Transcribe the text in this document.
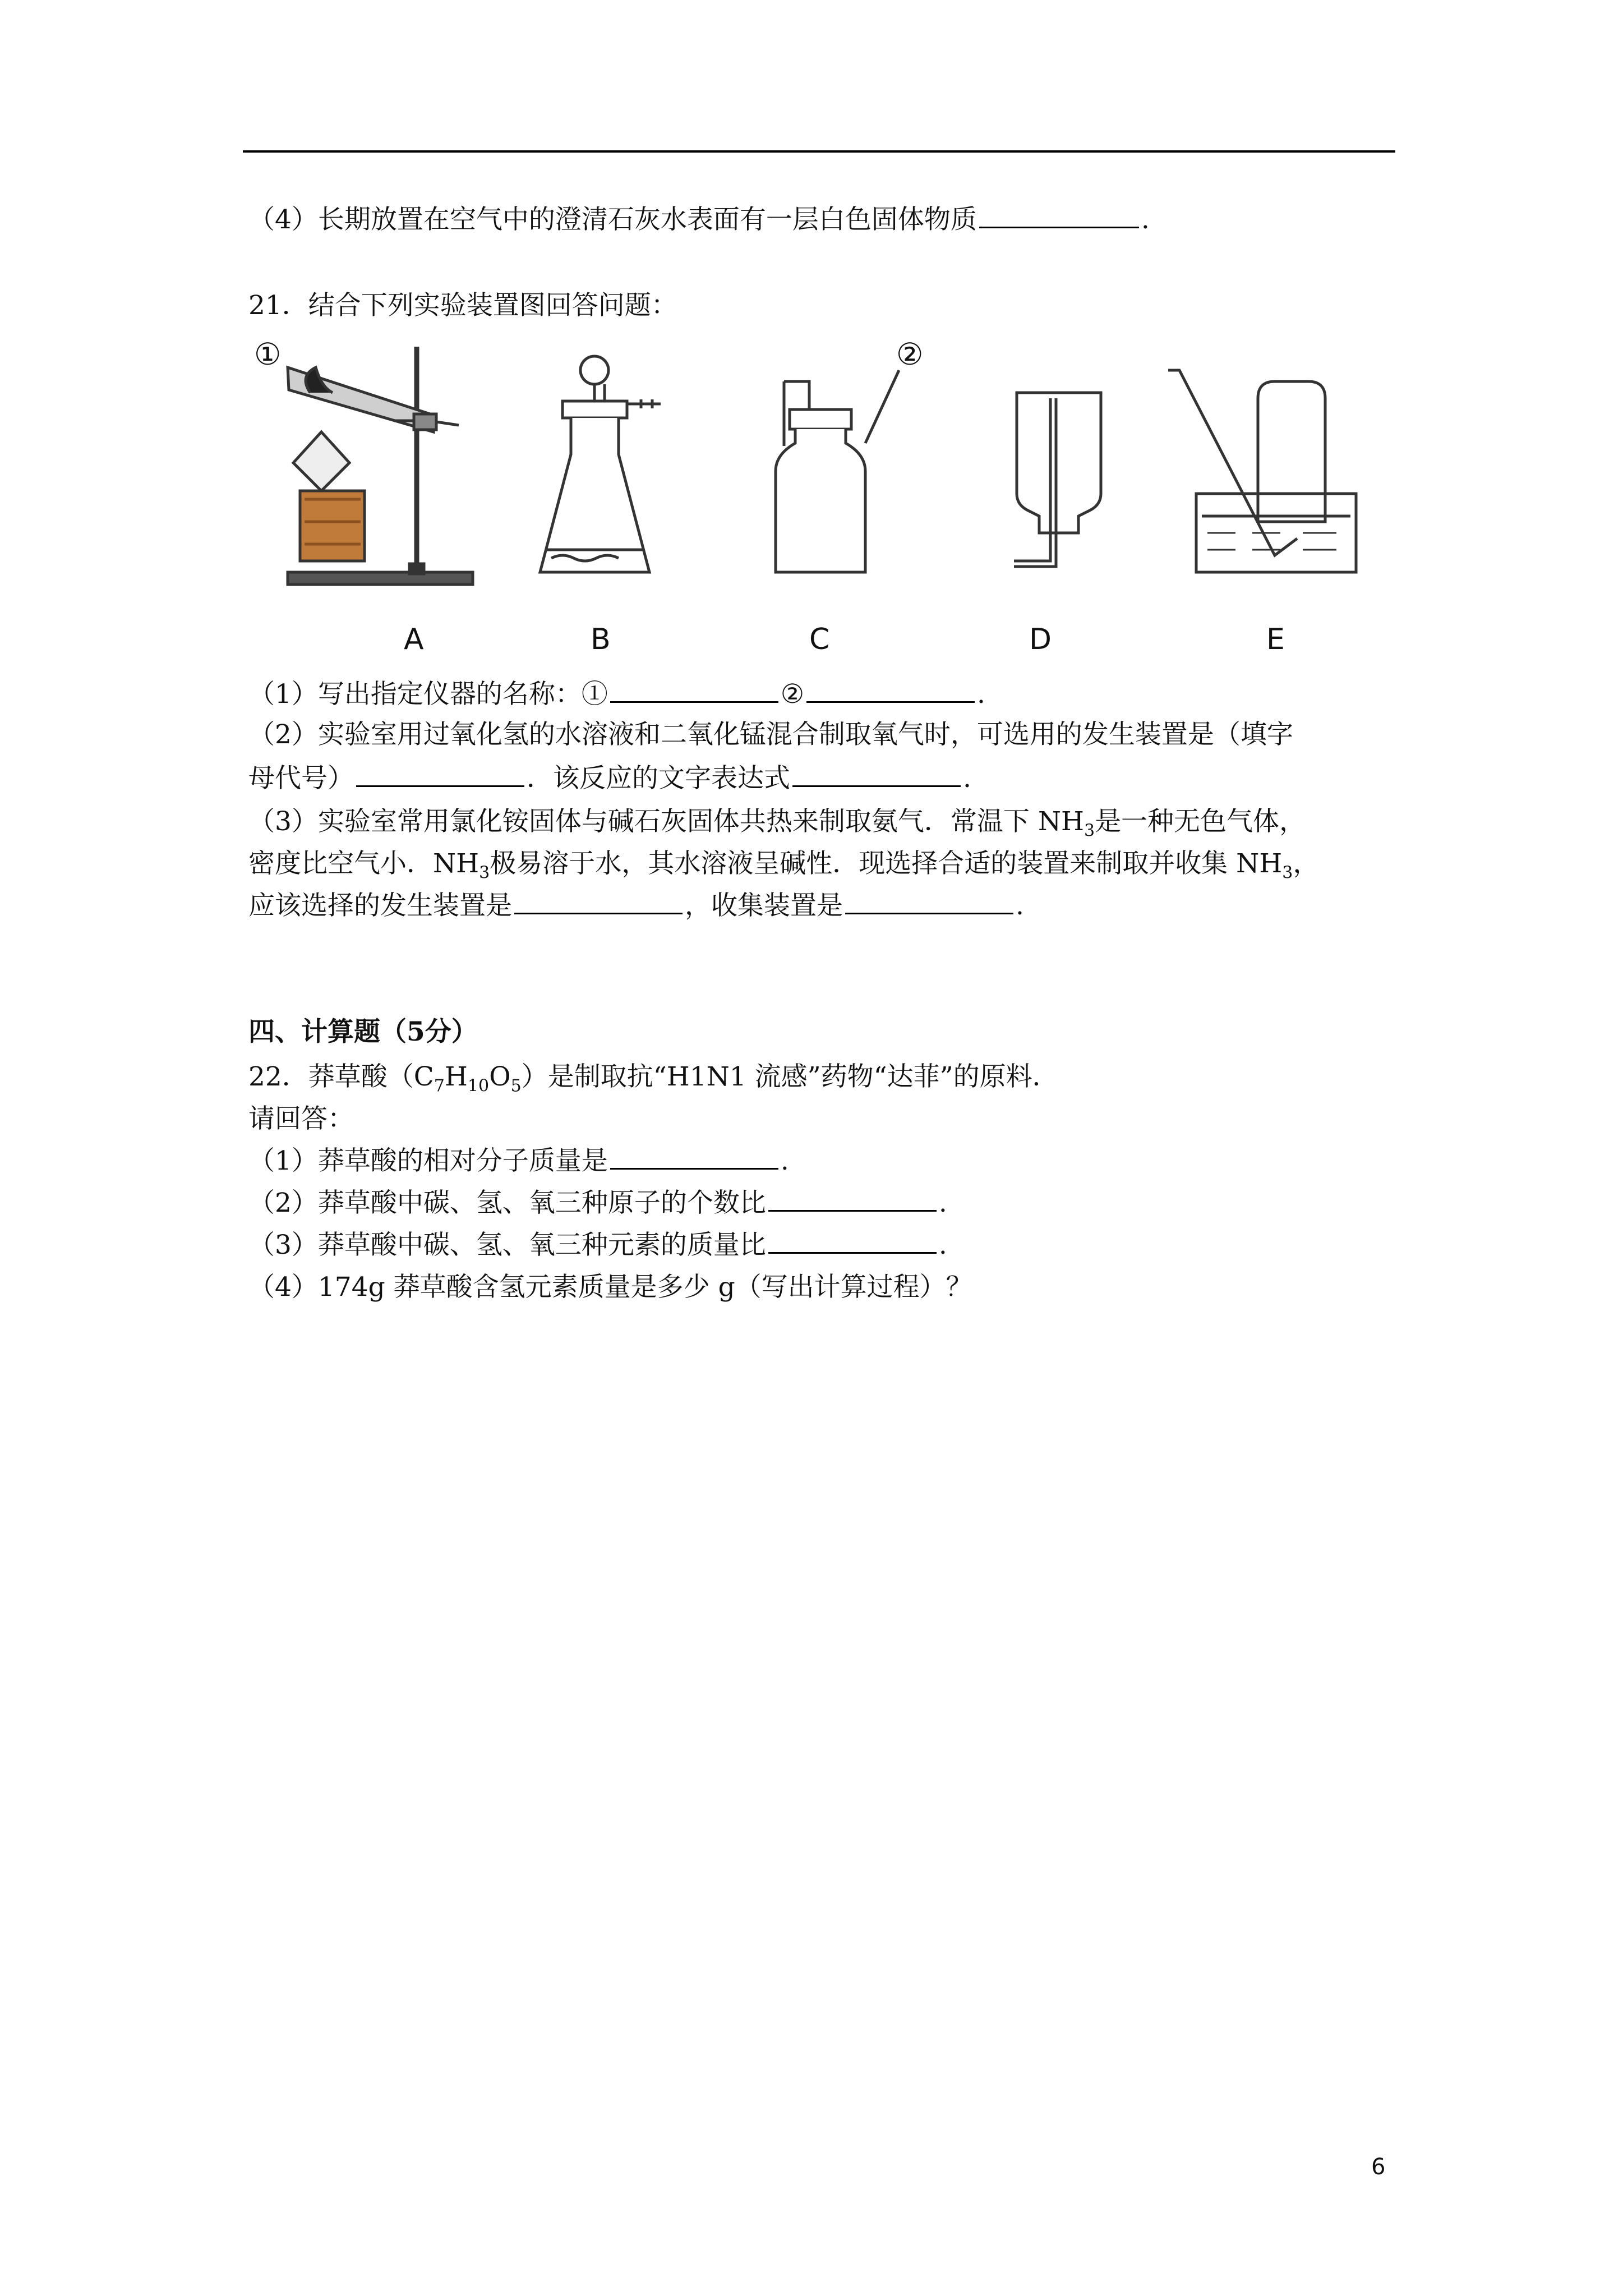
（4）长期放置在空气中的澄清石灰水表面有一层白色固体物质	.
21．结合下列实验装置图回答问题：
①	②
A	B	C	D	E
（1）写出指定仪器的名称：①	②	.
（2）实验室用过氧化氢的水溶液和二氧化锰混合制取氧气时，可选用的发生装置是（填字
母代号）	．该反应的文字表达式	.
（3）实验室常用氯化铵固体与碱石灰固体共热来制取氨气．常温下 $NH_3$是一种无色气体，
密度比空气小．$NH_3$极易溶于水，其水溶液呈碱性．现选择合适的装置来制取并收集 $NH_3$，
应该选择的发生装置是	，收集装置是	.
四、计算题（5分）
22．莽草酸$(C_7H_{10}O_5)$是制取抗“H1N1 流感”药物“达菲”的原料．
请回答：
（1）莽草酸的相对分子质量是	.
（2）莽草酸中碳、氢、氧三种原子的个数比	.
（3）莽草酸中碳、氢、氧三种元素的质量比	.
（4）174g 莽草酸含氢元素质量是多少 g（写出计算过程）？
6
